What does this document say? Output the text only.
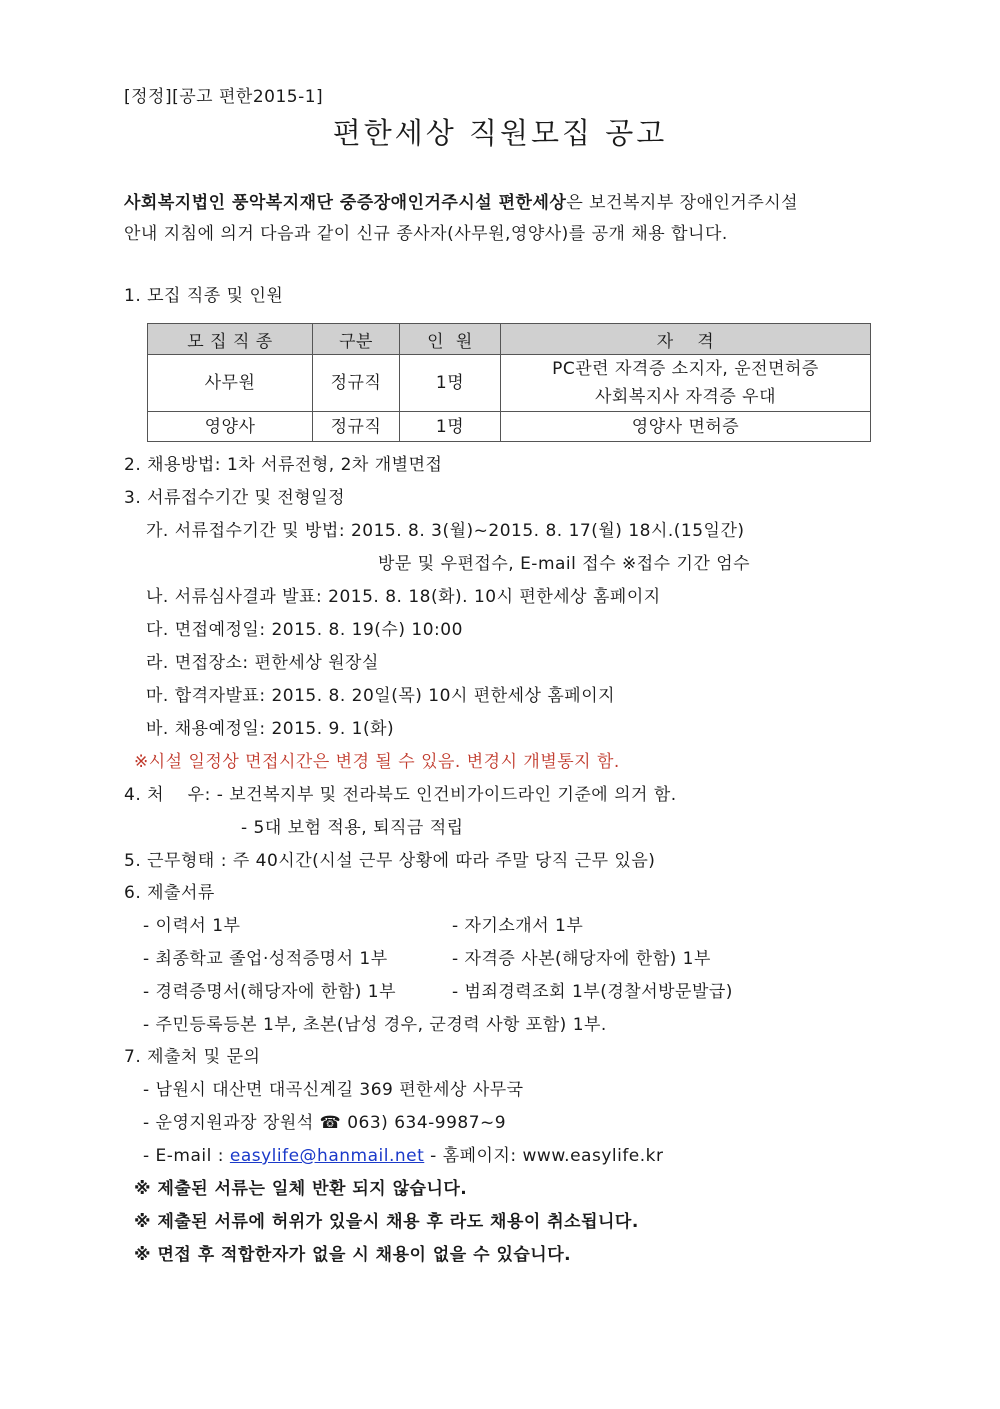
[정정][공고 편한2015-1]
편한세상 직원모집 공고
사회복지법인 풍악복지재단 중증장애인거주시설 편한세상은 보건복지부 장애인거주시설
안내 지침에 의거 다음과 같이 신규 종사자(사무원,영양사)를 공개 채용 합니다.
1. 모집 직종 및 인원
모 집 직 종	구분	인  원	자    격
사무원	정규직	1명	PC관련 자격증 소지자, 운전면허증
사회복지사 자격증 우대

영양사	정규직	1명	영양사 면허증
2. 채용방법: 1차 서류전형, 2차 개별면접
3. 서류접수기간 및 전형일정
가. 서류접수기간 및 방법: 2015. 8. 3(월)~2015. 8. 17(월) 18시.(15일간)
방문 및 우편접수, E-mail 접수 ※접수 기간 엄수
나. 서류심사결과 발표: 2015. 8. 18(화). 10시 편한세상 홈페이지
다. 면접예정일: 2015. 8. 19(수) 10:00
라. 면접장소: 편한세상 원장실
마. 합격자발표: 2015. 8. 20일(목) 10시 편한세상 홈페이지
바. 채용예정일: 2015. 9. 1(화)
※시설 일정상 면접시간은 변경 될 수 있음. 변경시 개별통지 함.
4. 처    우: - 보건복지부 및 전라북도 인건비가이드라인 기준에 의거 함.
- 5대 보험 적용, 퇴직금 적립
5. 근무형태 : 주 40시간(시설 근무 상황에 따라 주말 당직 근무 있음)
6. 제출서류
- 이력서 1부	- 자기소개서 1부
- 최종학교 졸업·성적증명서 1부	- 자격증 사본(해당자에 한함) 1부
- 경력증명서(해당자에 한함) 1부	- 범죄경력조회 1부(경찰서방문발급)
- 주민등록등본 1부, 초본(남성 경우, 군경력 사항 포함) 1부.
7. 제출처 및 문의
- 남원시 대산면 대곡신계길 369 편한세상 사무국
- 운영지원과장 장원석 ☎ 063) 634-9987~9
- E-mail : easylife@hanmail.net - 홈페이지: www.easylife.kr
※ 제출된 서류는 일체 반환 되지 않습니다.
※ 제출된 서류에 허위가 있을시 채용 후 라도 채용이 취소됩니다.
※ 면접 후 적합한자가 없을 시 채용이 없을 수 있습니다.
